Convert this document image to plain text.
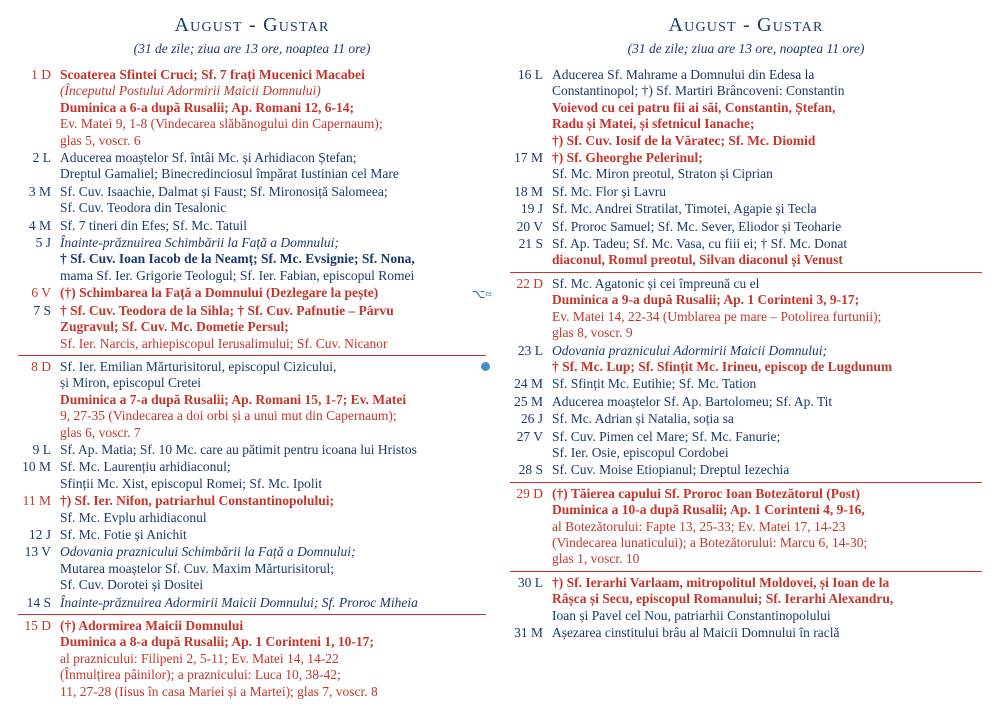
August - Gustar
(31 de zile; ziua are 13 ore, noaptea 11 ore)
1 D Scoaterea Sfintei Cruci; Sf. 7 frați Mucenici Macabei
(Începutul Postului Adormirii Maicii Domnului)
Duminica a 6-a după Rusalii; Ap. Romani 12, 6-14;
Ev. Matei 9, 1-8 (Vindecarea slăbănogului din Capernaum);
glas 5, voscr. 6
2 L Aducerea moaștelor Sf. întâi Mc. și Arhidiacon Ștefan;
Dreptul Gamaliel; Binecredinciosul împărat Iustinian cel Mare
3 M Sf. Cuv. Isaachie, Dalmat și Faust; Sf. Mironosiță Salomeea;
Sf. Cuv. Teodora din Tesalonic
4 M Sf. 7 tineri din Efes; Sf. Mc. Tatuil
5 J Înainte-prăznuirea Schimbării la Față a Domnului;
† Sf. Cuv. Ioan Iacob de la Neamț; Sf. Mc. Evsignie; Sf. Nona,
mama Sf. Ier. Grigorie Teologul; Sf. Ier. Fabian, episcopul Romei
6 V (†) Schimbarea la Față a Domnului (Dezlegare la pește)	⌥≈
7 S † Sf. Cuv. Teodora de la Sihla; † Sf. Cuv. Pafnutie – Pârvu
Zugravul; Sf. Cuv. Mc. Dometie Persul;
Sf. Ier. Narcis, arhiepiscopul Ierusalimului; Sf. Cuv. Nicanor
8 D Sf. Ier. Emilian Mărturisitorul, episcopul Cizicului,
și Miron, episcopul Cretei
Duminica a 7-a după Rusalii; Ap. Romani 15, 1-7; Ev. Matei
9, 27-35 (Vindecarea a doi orbi și a unui mut din Capernaum);
glas 6, voscr. 7
9 L Sf. Ap. Matia; Sf. 10 Mc. care au pătimit pentru icoana lui Hristos
10 M Sf. Mc. Laurențiu arhidiaconul;
Sfinții Mc. Xist, episcopul Romei; Sf. Mc. Ipolit
11 M †) Sf. Ier. Nifon, patriarhul Constantinopolului;
Sf. Mc. Evplu arhidiaconul
12 J Sf. Mc. Fotie și Anichit
13 V Odovania praznicului Schimbării la Față a Domnului;
Mutarea moaștelor Sf. Cuv. Maxim Mărturisitorul;
Sf. Cuv. Dorotei și Dositei
14 S Înainte-prăznuirea Adormirii Maicii Domnului; Sf. Proroc Miheia
15 D (†) Adormirea Maicii Domnului
Duminica a 8-a după Rusalii; Ap. 1 Corinteni 1, 10-17;
al praznicului: Filipeni 2, 5-11; Ev. Matei 14, 14-22
(Înmulțirea pâinilor); a praznicului: Luca 10, 38-42;
11, 27-28 (Iisus în casa Mariei și a Martei); glas 7, voscr. 8
August - Gustar
(31 de zile; ziua are 13 ore, noaptea 11 ore)
16 L Aducerea Sf. Mahrame a Domnului din Edesa la
Constantinopol; †) Sf. Martiri Brâncoveni: Constantin
Voievod cu cei patru fii ai săi, Constantin, Ștefan,
Radu și Matei, și sfetnicul Ianache;
†) Sf. Cuv. Iosif de la Văratec; Sf. Mc. Diomid
17 M †) Sf. Gheorghe Pelerinul;
Sf. Mc. Miron preotul, Straton și Ciprian
18 M Sf. Mc. Flor și Lavru
19 J Sf. Mc. Andrei Stratilat, Timotei, Agapie și Tecla
20 V Sf. Proroc Samuel; Sf. Mc. Sever, Eliodor și Teoharie
21 S Sf. Ap. Tadeu; Sf. Mc. Vasa, cu fiii ei; † Sf. Mc. Donat
diaconul, Romul preotul, Silvan diaconul și Venust
22 D Sf. Mc. Agatonic și cei împreună cu el
Duminica a 9-a după Rusalii; Ap. 1 Corinteni 3, 9-17;
Ev. Matei 14, 22-34 (Umblarea pe mare – Potolirea furtunii);
glas 8, voscr. 9
23 L Odovania praznicului Adormirii Maicii Domnului;
† Sf. Mc. Lup; Sf. Sfințit Mc. Irineu, episcop de Lugdunum
24 M Sf. Sfințit Mc. Eutihie; Sf. Mc. Tation
25 M Aducerea moaștelor Sf. Ap. Bartolomeu; Sf. Ap. Tit
26 J Sf. Mc. Adrian și Natalia, soția sa
27 V Sf. Cuv. Pimen cel Mare; Sf. Mc. Fanurie;
Sf. Ier. Osie, episcopul Cordobei
28 S Sf. Cuv. Moise Etiopianul; Dreptul Iezechia
29 D (†) Tăierea capului Sf. Proroc Ioan Botezătorul (Post)
Duminica a 10-a după Rusalii; Ap. 1 Corinteni 4, 9-16,
al Botezătorului: Fapte 13, 25-33; Ev. Matei 17, 14-23
(Vindecarea lunaticului); a Botezătorului: Marcu 6, 14-30;
glas 1, voscr. 10
30 L †) Sf. Ierarhi Varlaam, mitropolitul Moldovei, și Ioan de la
Râșca și Secu, episcopul Romanului; Sf. Ierarhi Alexandru,
Ioan și Pavel cel Nou, patriarhii Constantinopolului
31 M Așezarea cinstitului brâu al Maicii Domnului în raclă
